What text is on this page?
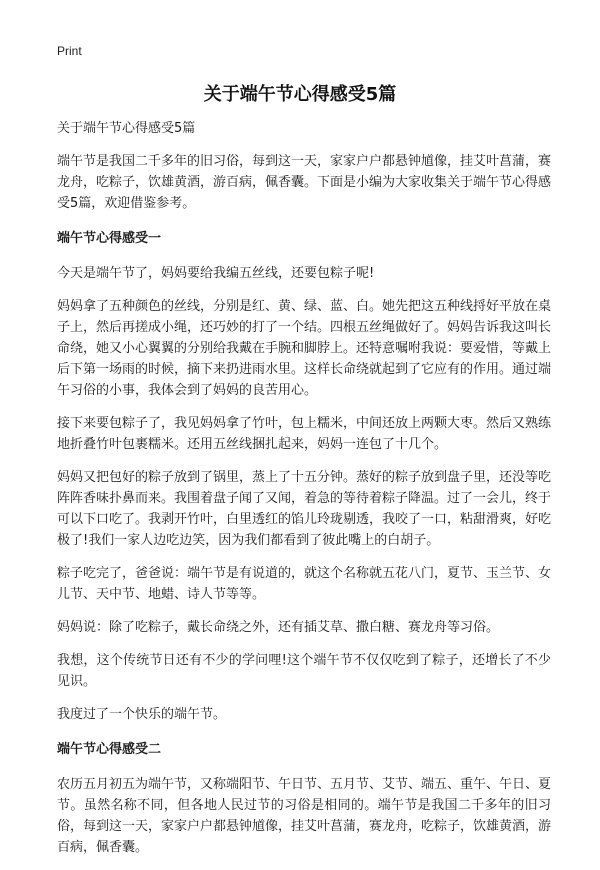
Print
关于端午节心得感受5篇

关于端午节心得感受5篇

端午节是我国二千多年的旧习俗，每到这一天，家家户户都悬钟馗像，挂艾叶菖蒲，赛龙舟，吃粽子，饮雄黄酒，游百病，佩香囊。下面是小编为大家收集关于端午节心得感受5篇，欢迎借鉴参考。

端午节心得感受一

今天是端午节了，妈妈要给我编五丝线，还要包粽子呢!

妈妈拿了五种颜色的丝线，分别是红、黄、绿、蓝、白。她先把这五种线捋好平放在桌子上，然后再搓成小绳，还巧妙的打了一个结。四根五丝绳做好了。妈妈告诉我这叫长命绕，她又小心翼翼的分别给我戴在手腕和脚脖上。还特意嘱咐我说：要爱惜，等戴上后下第一场雨的时候，摘下来扔进雨水里。这样长命绕就起到了它应有的作用。通过端午习俗的小事，我体会到了妈妈的良苦用心。

接下来要包粽子了，我见妈妈拿了竹叶，包上糯米，中间还放上两颗大枣。然后又熟练地折叠竹叶包裹糯米。还用五丝线捆扎起来，妈妈一连包了十几个。

妈妈又把包好的粽子放到了锅里，蒸上了十五分钟。蒸好的粽子放到盘子里，还没等吃阵阵香味扑鼻而来。我围着盘子闻了又闻，着急的等待着粽子降温。过了一会儿，终于可以下口吃了。我剥开竹叶，白里透红的馅儿玲珑剔透，我咬了一口，粘甜滑爽，好吃极了!我们一家人边吃边笑，因为我们都看到了彼此嘴上的白胡子。

粽子吃完了，爸爸说：端午节是有说道的，就这个名称就五花八门，夏节、玉兰节、女儿节、天中节、地蜡、诗人节等等。

妈妈说：除了吃粽子，戴长命绕之外，还有插艾草、撒白糖、赛龙舟等习俗。

我想，这个传统节日还有不少的学问哩!这个端午节不仅仅吃到了粽子，还增长了不少见识。

我度过了一个快乐的端午节。

端午节心得感受二

农历五月初五为端午节，又称端阳节、午日节、五月节、艾节、端五、重午、午日、夏节。虽然名称不同，但各地人民过节的习俗是相同的。端午节是我国二千多年的旧习俗，每到这一天，家家户户都悬钟馗像，挂艾叶菖蒲，赛龙舟，吃粽子，饮雄黄酒，游百病，佩香囊。
